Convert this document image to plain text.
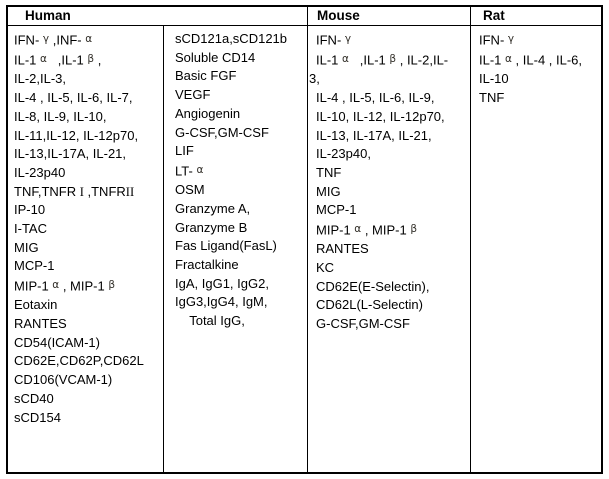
Human	Mouse	Rat
IFN- γ ,INF- α
IL-1 α   ,IL-1 β ,
IL-2,IL-3,
IL-4 , IL-5, IL-6, IL-7,
IL-8, IL-9, IL-10,
IL-11,IL-12, IL-12p70,
IL-13,IL-17A, IL-21,
IL-23p40
TNF,TNFR I ,TNFRII
IP-10
I-TAC
MIG
MCP-1
MIP-1 α , MIP-1 β
Eotaxin
RANTES
CD54(ICAM-1)
CD62E,CD62P,CD62L
CD106(VCAM-1)
sCD40
sCD154
sCD121a,sCD121b
Soluble CD14
Basic FGF
VEGF
Angiogenin
G-CSF,GM-CSF
LIF
LT- α
OSM
Granzyme A,
Granzyme B
Fas Ligand(FasL)
Fractalkine
IgA, IgG1, IgG2,
IgG3,IgG4, IgM,
Total IgG,
IFN- γ
IL-1 α   ,IL-1 β , IL-2,IL-
3,
IL-4 , IL-5, IL-6, IL-9,
IL-10, IL-12, IL-12p70,
IL-13, IL-17A, IL-21,
IL-23p40,
TNF
MIG
MCP-1
MIP-1 α , MIP-1 β
RANTES
KC
CD62E(E-Selectin),
CD62L(L-Selectin)
G-CSF,GM-CSF
IFN- γ
IL-1 α , IL-4 , IL-6,
IL-10
TNF
